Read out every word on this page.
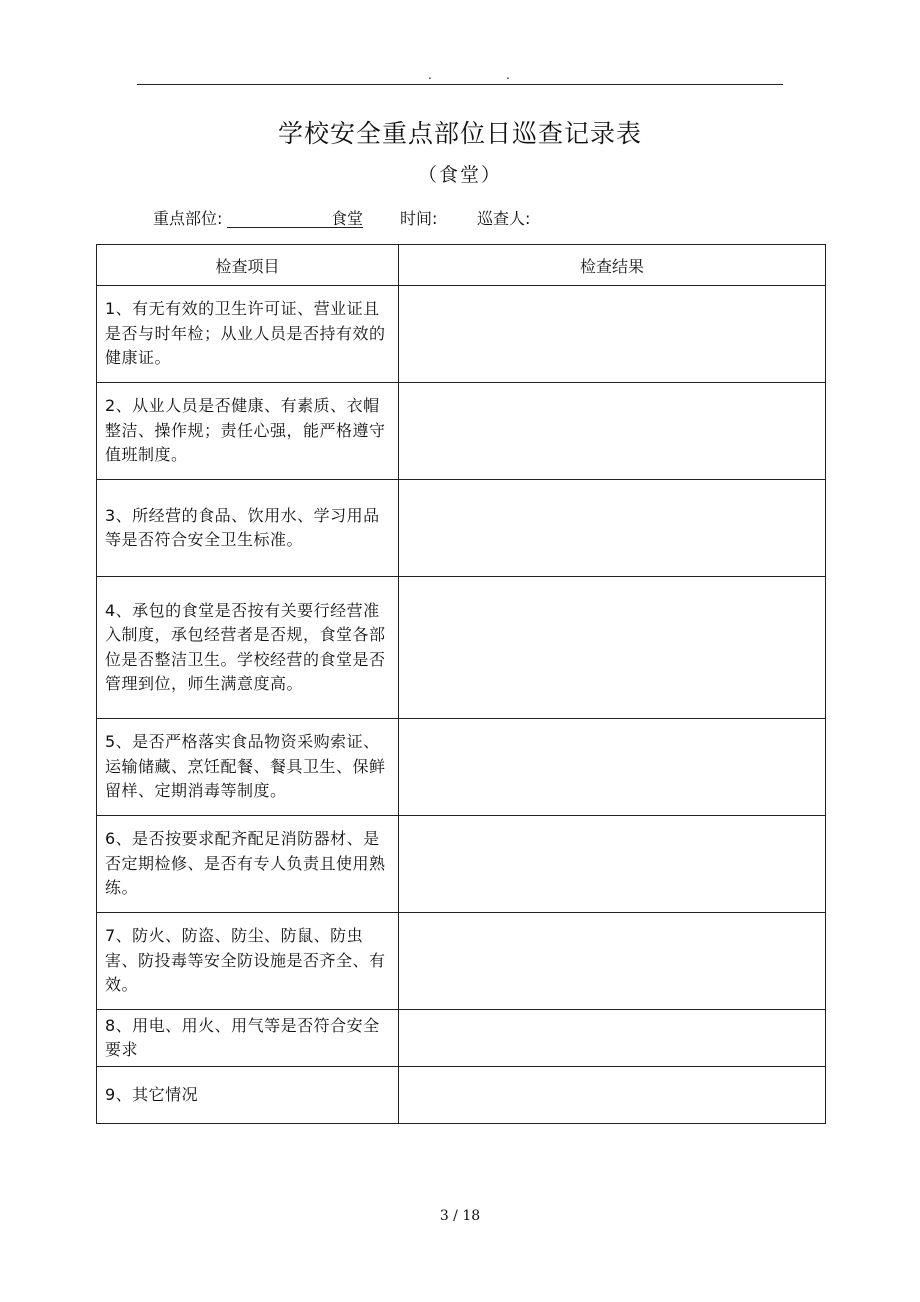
.	.
学校安全重点部位日巡查记录表
（食堂）
重点部位:	食堂 时间: 巡查人:
检查项目	检查结果
1、有无有效的卫生许可证、营业证且是否与时年检；从业人员是否持有效的健康证。	
2、从业人员是否健康、有素质、衣帽整洁、操作规；责任心强，能严格遵守值班制度。	
3、所经营的食品、饮用水、学习用品等是否符合安全卫生标准。	
4、承包的食堂是否按有关要行经营准入制度，承包经营者是否规，食堂各部位是否整洁卫生。学校经营的食堂是否管理到位，师生满意度高。	
5、是否严格落实食品物资采购索证、运输储藏、烹饪配餐、餐具卫生、保鲜留样、定期消毒等制度。	
6、是否按要求配齐配足消防器材、是否定期检修、是否有专人负责且使用熟练。	
7、防火、防盗、防尘、防鼠、防虫害、防投毒等安全防设施是否齐全、有效。	
8、用电、用火、用气等是否符合安全要求	
9、其它情况	
3 / 18
